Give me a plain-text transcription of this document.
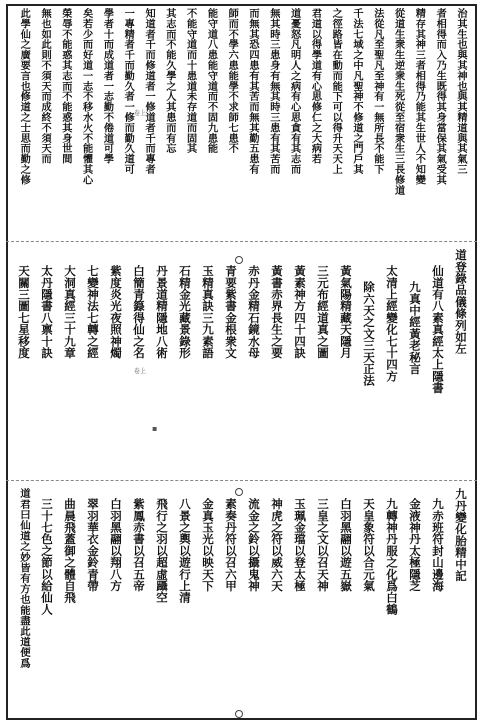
治其生也與其神也與其精道與其氣三
者相得而入乃生既得其身當保其氣受其
精存其神三者相得乃能其生世人不知變
從道生衆生逆衆生死從至宿衆生三長修道
法從凡至聖凡至神有一無所長不能下
千法七域之中凡聖神不修道之門戶其
之徑路皆在動而能下可以得升天天上
君道以得學道有心思修仁之大病若
道憂怒凡明人之病有心思貪有其志而
無其時三患身有無其時三患有其苦而
而無其恐四患有其苦而無其勤五患有
師而不學六患能學不求師七患不
能守道八患能守道而不固九患能
不能守道而十患道未存道而固其
其志而不能久學之人其患而有忘
知道者千而修道者一修道者千而專者
一專精者千而勤久者一修而勤久道可
學者十而成道者一志勤不倦道可學
矣若少而好道一志不移水火不能懼其心
榮辱不能惑其志而不能惑其身世間
無也如此則不須天而成終不須天而
此學仙之廣要言也修道之士思而勤之修	卷上
道登錄品儀條列如左
仙道有八素真經太上隱書
九真中經黃老秘言
太清上經變化七十四方
除六天之文三天正法
黃氣陽精藏天隱月
三元布經道真之圖
黃素神方四十四訣
黃書赤界長生之要
赤丹金精石鏡水母
青要紫書金根衆文
玉精真訣三九素語
石精金光藏景錄形
丹景道精隱地八術
白簡青籙得仙之名
紫度炎光夜照神燭
七變神法七轉之經
大洞真經三十九章
太丹隱書八禀十訣
天關三圖七星移度
卷上
▪
九丹變化胎精中記
九赤班符封山邊海
金液神丹太極隱芝
九轉神丹服之化爲白鶴
天皇象符以合元氣
白羽黑翮以遊五嶽
三皇之文以召天神
玉珮金璫以登太極
神虎之符以威六天
流金之鈴以攝鬼神
素奏丹符以召六甲
金真玉光以映天下
八景之輿以遊行上清
飛行之羽以超虛躡空
紫鳳赤書以召五帝
白羽黑翮以翔八方
翠羽華衣金鈴青帶
曲晨飛蓋御之體自飛
三十七色之節以給仙人
道君曰仙道之妙皆有方也能盡此道便爲
